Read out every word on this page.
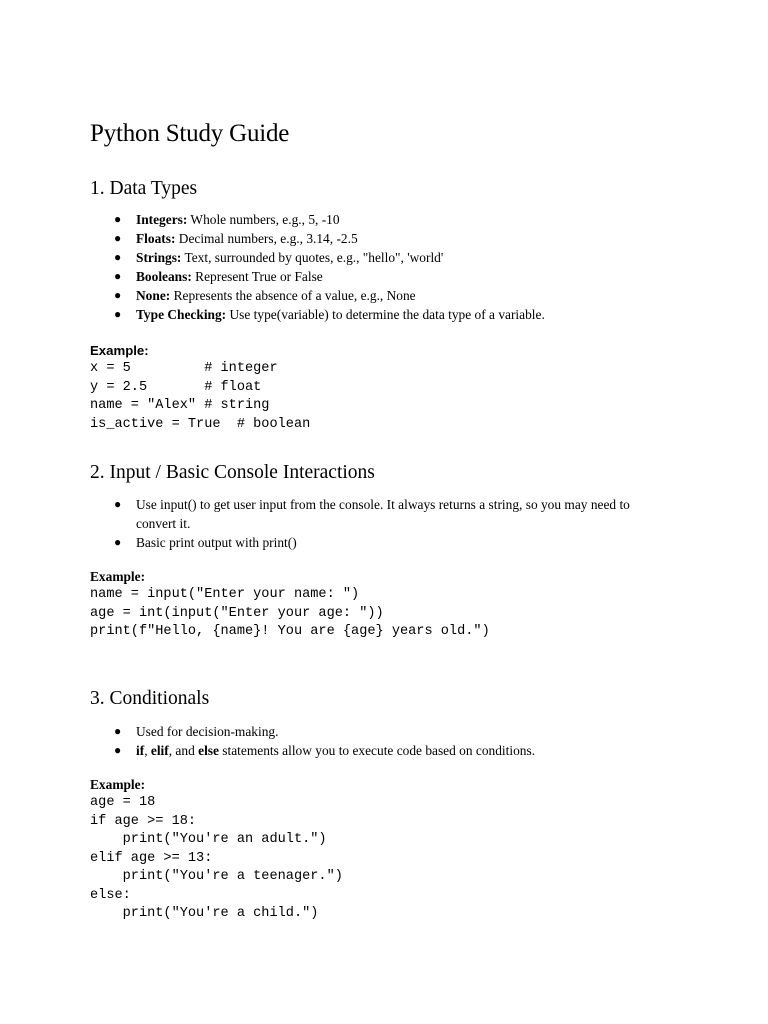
Python Study Guide
1. Data Types
● Integers: Whole numbers, e.g., 5, -10
● Floats: Decimal numbers, e.g., 3.14, -2.5
● Strings: Text, surrounded by quotes, e.g., "hello", 'world'
● Booleans: Represent True or False
● None: Represents the absence of a value, e.g., None
● Type Checking: Use type(variable) to determine the data type of a variable.

Example:

x = 5         # integer
y = 2.5       # float
name = "Alex" # string
is_active = True  # boolean
2. Input / Basic Console Interactions
● Use input() to get user input from the console. It always returns a string, so you may need to convert it.
● Basic print output with print()

Example:

name = input("Enter your name: ")
age = int(input("Enter your age: "))
print(f"Hello, {name}! You are {age} years old.")
3. Conditionals
● Used for decision-making.
● if, elif, and else statements allow you to execute code based on conditions.

Example:

age = 18
if age >= 18:
print("You're an adult.")
elif age >= 13:
print("You're a teenager.")
else:
print("You're a child.")
